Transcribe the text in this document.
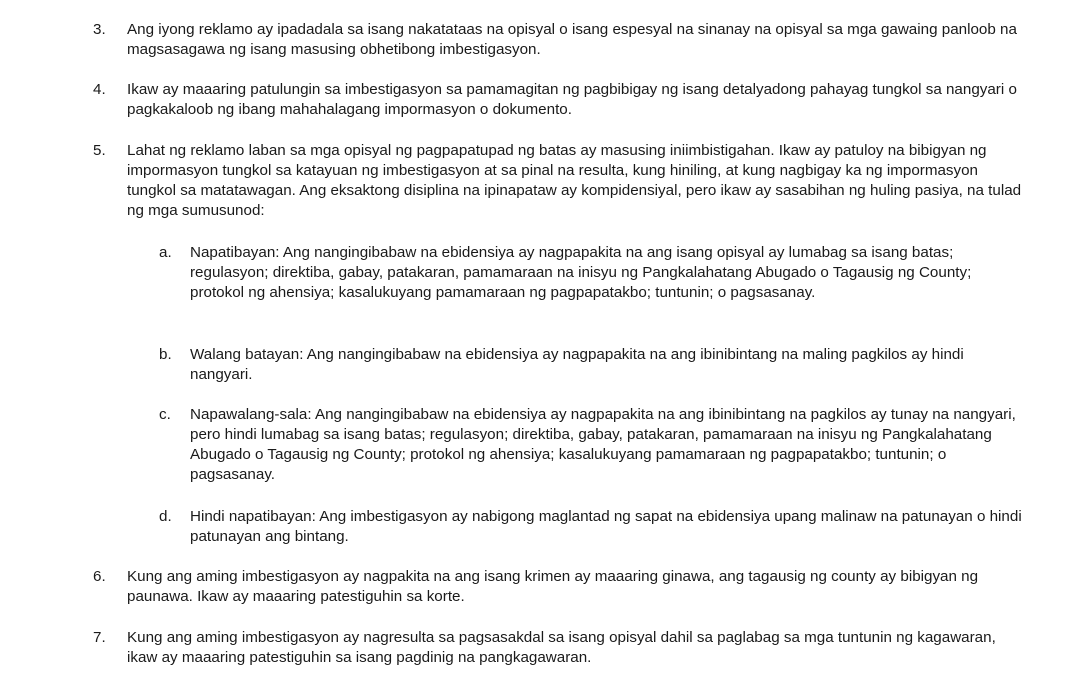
3.	Ang iyong reklamo ay ipadadala sa isang nakatataas na opisyal o isang espesyal na sinanay na opisyal sa mga gawaing panloob na magsasagawa ng isang masusing obhetibong imbestigasyon.
4.	Ikaw ay maaaring patulungin sa imbestigasyon sa pamamagitan ng pagbibigay ng isang detalyadong pahayag tungkol sa nangyari o pagkakaloob ng ibang mahahalagang impormasyon o dokumento.
5.	Lahat ng reklamo laban sa mga opisyal ng pagpapatupad ng batas ay masusing iniimbistigahan. Ikaw ay patuloy na bibigyan ng impormasyon tungkol sa katayuan ng imbestigasyon at sa pinal na resulta, kung hiniling, at kung nagbigay ka ng impormasyon tungkol sa matatawagan. Ang eksaktong disiplina na ipinapataw ay kompidensiyal, pero ikaw ay sasabihan ng huling pasiya, na tulad ng mga sumusunod:
a.	Napatibayan: Ang nangingibabaw na ebidensiya ay nagpapakita na ang isang opisyal ay lumabag sa isang batas; regulasyon; direktiba, gabay, patakaran, pamamaraan na inisyu ng Pangkalahatang Abugado o Tagausig ng County; protokol ng ahensiya; kasalukuyang pamamaraan ng pagpapatakbo; tuntunin; o pagsasanay.
b.	Walang batayan: Ang nangingibabaw na ebidensiya ay nagpapakita na ang ibinibintang na maling pagkilos ay hindi nangyari.
c.	Napawalang-sala: Ang nangingibabaw na ebidensiya ay nagpapakita na ang ibinibintang na pagkilos ay tunay na nangyari, pero hindi lumabag sa isang batas; regulasyon; direktiba, gabay, patakaran, pamamaraan na inisyu ng Pangkalahatang Abugado o Tagausig ng County; protokol ng ahensiya; kasalukuyang pamamaraan ng pagpapatakbo; tuntunin; o pagsasanay.
d.	Hindi napatibayan: Ang imbestigasyon ay nabigong maglantad ng sapat na ebidensiya upang malinaw na patunayan o hindi patunayan ang bintang.
6.	Kung ang aming imbestigasyon ay nagpakita na ang isang krimen ay maaaring ginawa, ang tagausig ng county ay bibigyan ng paunawa. Ikaw ay maaaring patestiguhin sa korte.
7.	Kung ang aming imbestigasyon ay nagresulta sa pagsasakdal sa isang opisyal dahil sa paglabag sa mga tuntunin ng kagawaran, ikaw ay maaaring patestiguhin sa isang pagdinig na pangkagawaran.
